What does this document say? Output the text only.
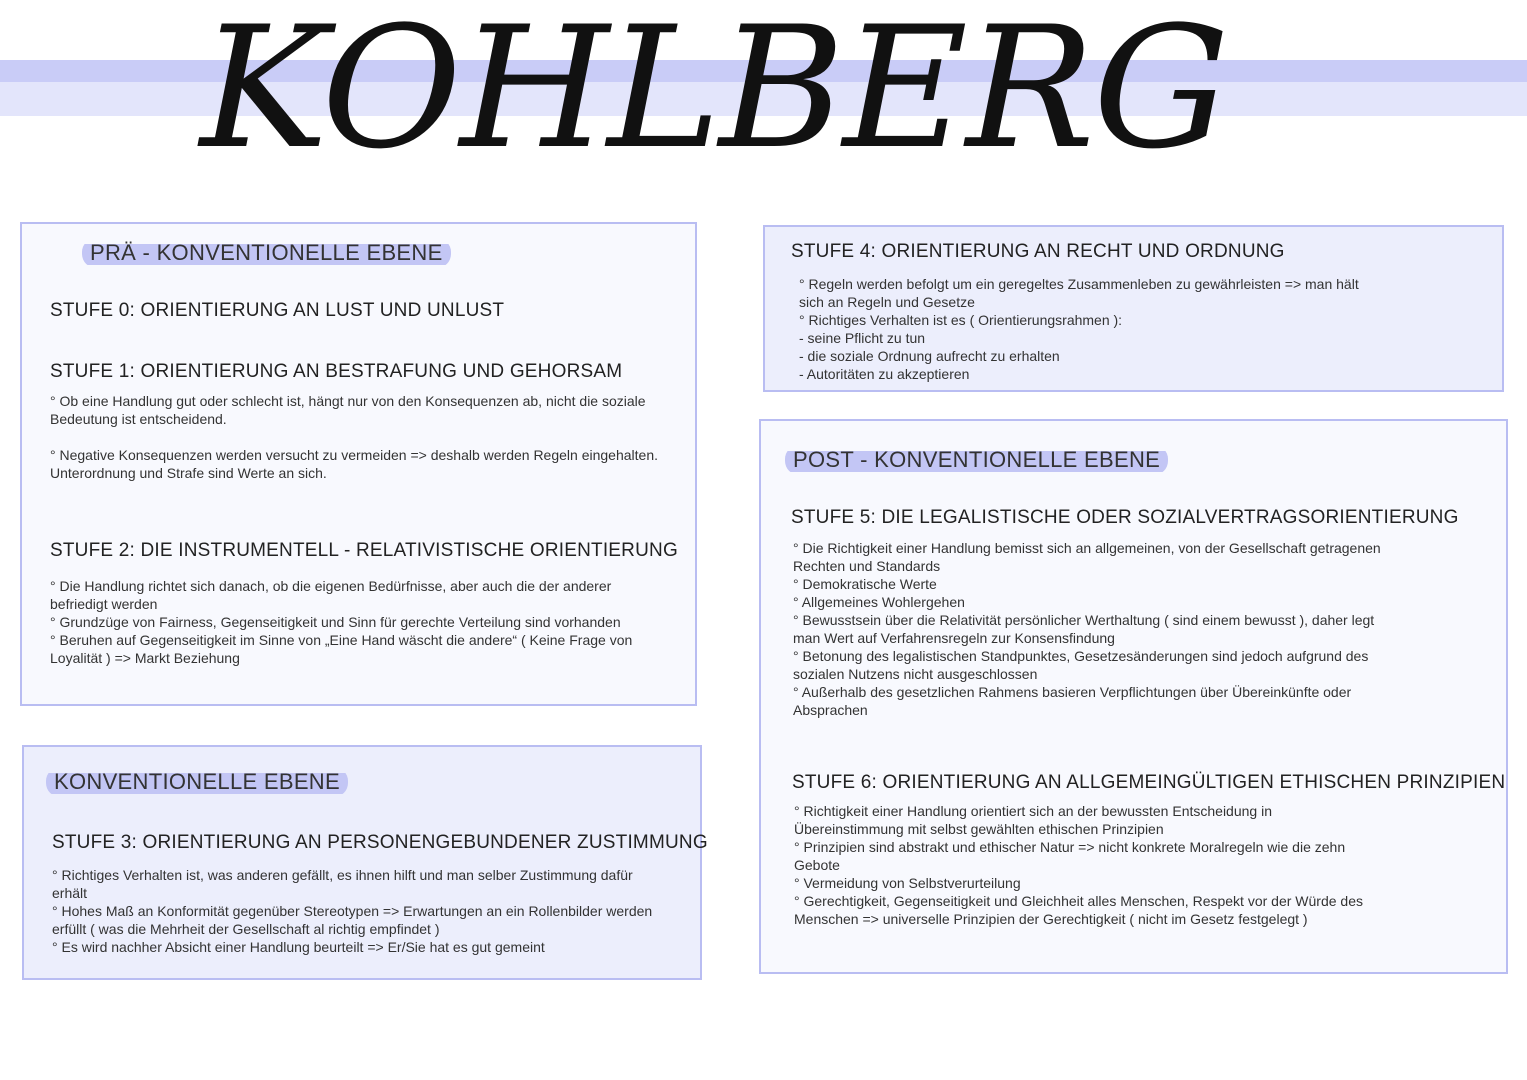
KOHLBERG
PRÄ - KONVENTIONELLE EBENE
STUFE 0: ORIENTIERUNG AN LUST UND UNLUST
STUFE 1: ORIENTIERUNG AN BESTRAFUNG UND GEHORSAM

° Ob eine Handlung gut oder schlecht ist, hängt nur von den Konsequenzen ab, nicht die soziale

Bedeutung ist entscheidend.

° Negative Konsequenzen werden versucht zu vermeiden => deshalb werden Regeln eingehalten.

Unterordnung und Strafe sind Werte an sich.

STUFE 2: DIE INSTRUMENTELL - RELATIVISTISCHE ORIENTIERUNG

° Die Handlung richtet sich danach, ob die eigenen Bedürfnisse, aber auch die der anderer

befriedigt werden

° Grundzüge von Fairness, Gegenseitigkeit und Sinn für gerechte Verteilung sind vorhanden

° Beruhen auf Gegenseitigkeit im Sinne von „Eine Hand wäscht die andere“ ( Keine Frage von

Loyalität ) => Markt Beziehung

KONVENTIONELLE EBENE
STUFE 3: ORIENTIERUNG AN PERSONENGEBUNDENER ZUSTIMMUNG

° Richtiges Verhalten ist, was anderen gefällt, es ihnen hilft und man selber Zustimmung dafür

erhält

° Hohes Maß an Konformität gegenüber Stereotypen => Erwartungen an ein Rollenbilder werden

erfüllt ( was die Mehrheit der Gesellschaft al richtig empfindet )

° Es wird nachher Absicht einer Handlung beurteilt => Er/Sie hat es gut gemeint

STUFE 4: ORIENTIERUNG AN RECHT UND ORDNUNG

° Regeln werden befolgt um ein geregeltes Zusammenleben zu gewährleisten => man hält

sich an Regeln und Gesetze

° Richtiges Verhalten ist es ( Orientierungsrahmen ):

- seine Pflicht zu tun

- die soziale Ordnung aufrecht zu erhalten

- Autoritäten zu akzeptieren

POST - KONVENTIONELLE EBENE
STUFE 5: DIE LEGALISTISCHE ODER SOZIALVERTRAGSORIENTIERUNG

° Die Richtigkeit einer Handlung bemisst sich an allgemeinen, von der Gesellschaft getragenen

Rechten und Standards

° Demokratische Werte

° Allgemeines Wohlergehen

° Bewusstsein über die Relativität persönlicher Werthaltung ( sind einem bewusst ), daher legt

man Wert auf Verfahrensregeln zur Konsensfindung

° Betonung des legalistischen Standpunktes, Gesetzesänderungen sind jedoch aufgrund des

sozialen Nutzens nicht ausgeschlossen

° Außerhalb des gesetzlichen Rahmens basieren Verpflichtungen über Übereinkünfte oder

Absprachen

STUFE 6: ORIENTIERUNG AN ALLGEMEINGÜLTIGEN ETHISCHEN PRINZIPIEN

° Richtigkeit einer Handlung orientiert sich an der bewussten Entscheidung in

Übereinstimmung mit selbst gewählten ethischen Prinzipien

° Prinzipien sind abstrakt und ethischer Natur => nicht konkrete Moralregeln wie die zehn

Gebote

° Vermeidung von Selbstverurteilung

° Gerechtigkeit, Gegenseitigkeit und Gleichheit alles Menschen, Respekt vor der Würde des

Menschen => universelle Prinzipien der Gerechtigkeit ( nicht im Gesetz festgelegt )
